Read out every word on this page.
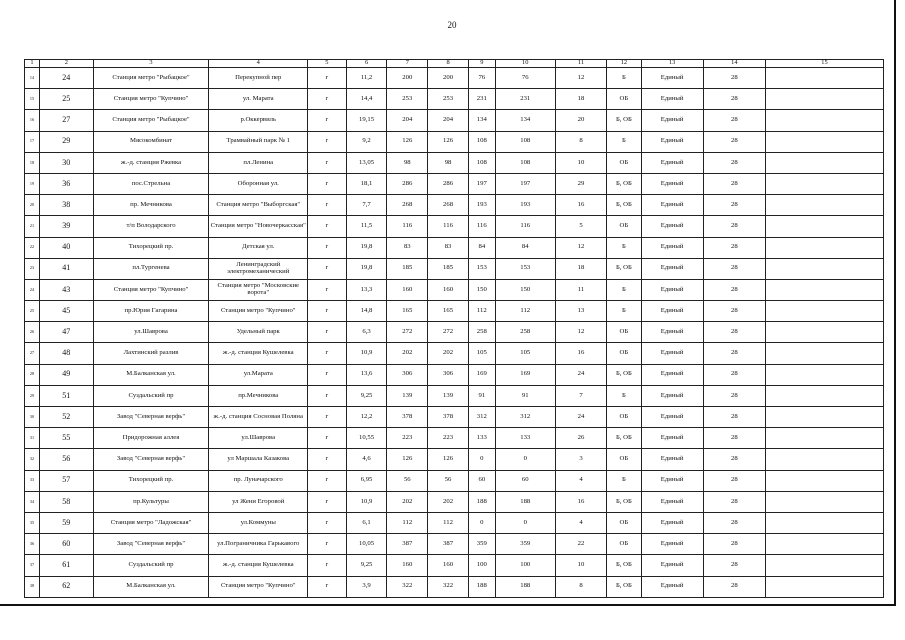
20
1	2	3	4	5	6	7	8	9	10	11	12	13	14	15
14	24	Станция метро "Рыбацкое"	Перекупной пер	г	11,2	200	200	76	76	12	Б	Единый	28	
15	25	Станция метро "Купчино"	ул. Марата	г	14,4	253	253	231	231	18	ОБ	Единый	28	
16	27	Станция метро "Рыбацкое"	р.Оккервиль	г	19,15	204	204	134	134	20	Б, ОБ	Единый	28	
17	29	Мясокомбинат	Трамвайный парк № 1	г	9,2	126	126	108	108	8	Б	Единый	28	
18	30	ж.-д. станция Ржевка	пл.Ленина	г	13,05	98	98	108	108	10	ОБ	Единый	28	
19	36	пос.Стрельна	Оборонная ул.	г	18,1	286	286	197	197	29	Б, ОБ	Единый	28	
20	38	пр. Мечникова	Станция метро "Выборгская"	г	7,7	268	268	193	193	16	Б, ОБ	Единый	28	
21	39	т/п Володарского	Станция метро "Новочеркасская"	г	11,5	116	116	116	116	5	ОБ	Единый	28	
22	40	Тихорецкий пр.	Детская ул.	г	19,8	83	83	84	84	12	Б	Единый	28	
23	41	пл.Тургенева	Ленинградский электромеханический	г	19,8	185	185	153	153	18	Б, ОБ	Единый	28	
24	43	Станция метро "Купчино"	Станция метро "Московские ворота"	г	13,3	160	160	150	150	11	Б	Единый	28	
25	45	пр.Юрия Гагарина	Станция метро "Купчино"	г	14,8	165	165	112	112	13	Б	Единый	28	
26	47	ул.Шаврова	Удельный парк	г	6,3	272	272	258	258	12	ОБ	Единый	28	
27	48	Лахтинский разлив	ж.-д. станция Кушелевка	г	10,9	202	202	105	105	16	ОБ	Единый	28	
28	49	М.Балканская ул.	ул.Марата	г	13,6	306	306	169	169	24	Б, ОБ	Единый	28	
29	51	Суздальский пр	пр.Мечникова	г	9,25	139	139	91	91	7	Б	Единый	28	
30	52	Завод "Северная верфь"	ж.-д. станция Сосновая Поляна	г	12,2	378	378	312	312	24	ОБ	Единый	28	
31	55	Придорожная аллея	ул.Шаврова	г	10,55	223	223	133	133	26	Б, ОБ	Единый	28	
32	56	Завод "Северная верфь"	ул Маршала Казакова	г	4,6	126	126	0	0	3	ОБ	Единый	28	
33	57	Тихорецкий пр.	пр. Луначарского	г	6,95	56	56	60	60	4	Б	Единый	28	
34	58	пр.Культуры	ул Жени Егоровой	г	10,9	202	202	188	188	16	Б, ОБ	Единый	28	
35	59	Станция метро "Ладожская"	ул.Коммуны	г	6,1	112	112	0	0	4	ОБ	Единый	28	
36	60	Завод "Северная верфь"	ул.Пограничника Гарькавого	г	10,05	387	387	359	359	22	ОБ	Единый	28	
37	61	Суздальский пр	ж.-д. станция Кушелевка	г	9,25	160	160	100	100	10	Б, ОБ	Единый	28	
38	62	М.Балканская ул.	Станция метро "Купчино"	г	3,9	322	322	188	188	8	Б, ОБ	Единый	28	
